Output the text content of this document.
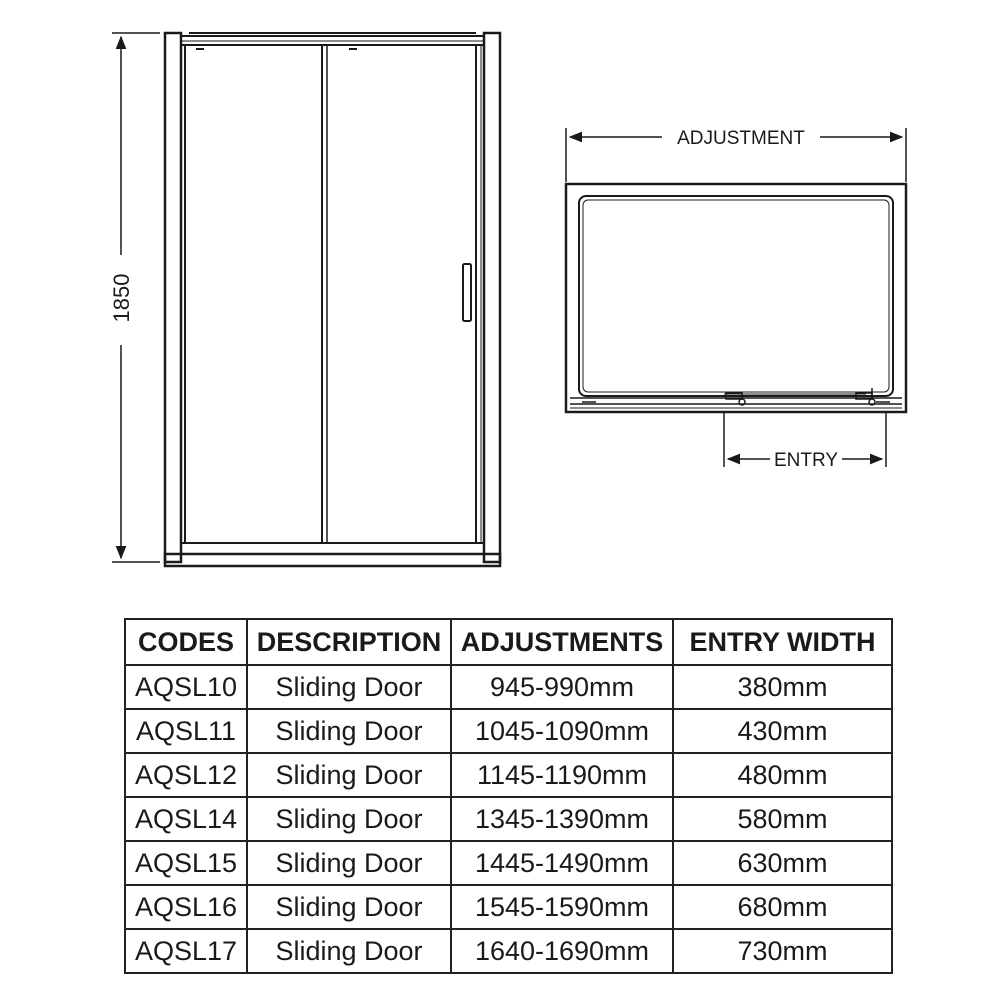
1850
ADJUSTMENT
ENTRY
CODES	DESCRIPTION	ADJUSTMENTS	ENTRY WIDTH
AQSL10	Sliding Door	945-990mm	380mm
AQSL11	Sliding Door	1045-1090mm	430mm
AQSL12	Sliding Door	1145-1190mm	480mm
AQSL14	Sliding Door	1345-1390mm	580mm
AQSL15	Sliding Door	1445-1490mm	630mm
AQSL16	Sliding Door	1545-1590mm	680mm
AQSL17	Sliding Door	1640-1690mm	730mm
